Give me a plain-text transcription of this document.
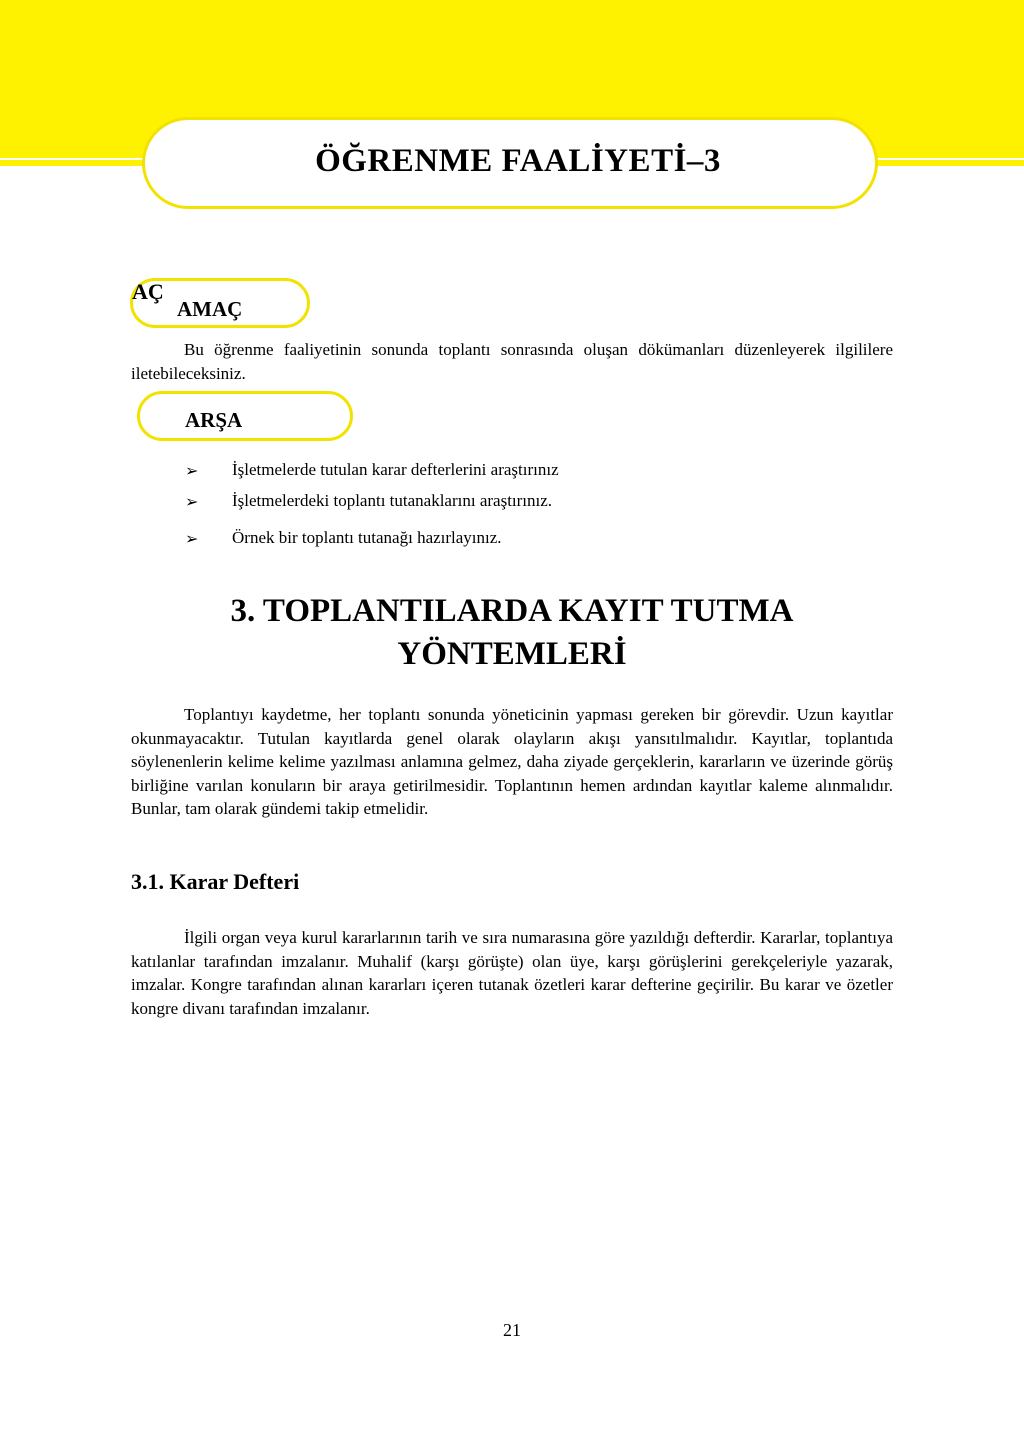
ÖĞRENME FAALİYETİ–3
AÇ
AMAÇ

Bu öğrenme faaliyetinin sonunda toplantı sonrasında oluşan dökümanları düzenleyerek ilgililere iletebileceksiniz.

ARŞA
➢	İşletmelerde tutulan karar defterlerini araştırınız
➢	İşletmelerdeki toplantı tutanaklarını araştırınız.
➢	Örnek bir toplantı tutanağı hazırlayınız.
3. TOPLANTILARDA KAYIT TUTMA
YÖNTEMLERİ

Toplantıyı kaydetme, her toplantı sonunda yöneticinin yapması gereken bir görevdir. Uzun kayıtlar okunmayacaktır. Tutulan kayıtlarda genel olarak olayların akışı yansıtılmalıdır. Kayıtlar, toplantıda söylenenlerin kelime kelime yazılması anlamına gelmez, daha ziyade gerçeklerin, kararların ve üzerinde görüş birliğine varılan konuların bir araya getirilmesidir. Toplantının hemen ardından kayıtlar kaleme alınmalıdır. Bunlar, tam olarak gündemi takip etmelidir.

3.1. Karar Defteri

İlgili organ veya kurul kararlarının tarih ve sıra numarasına göre yazıldığı defterdir. Kararlar, toplantıya katılanlar tarafından imzalanır. Muhalif (karşı görüşte) olan üye, karşı görüşlerini gerekçeleriyle yazarak, imzalar. Kongre tarafından alınan kararları içeren tutanak özetleri karar defterine geçirilir. Bu karar ve özetler kongre divanı tarafından imzalanır.

21
